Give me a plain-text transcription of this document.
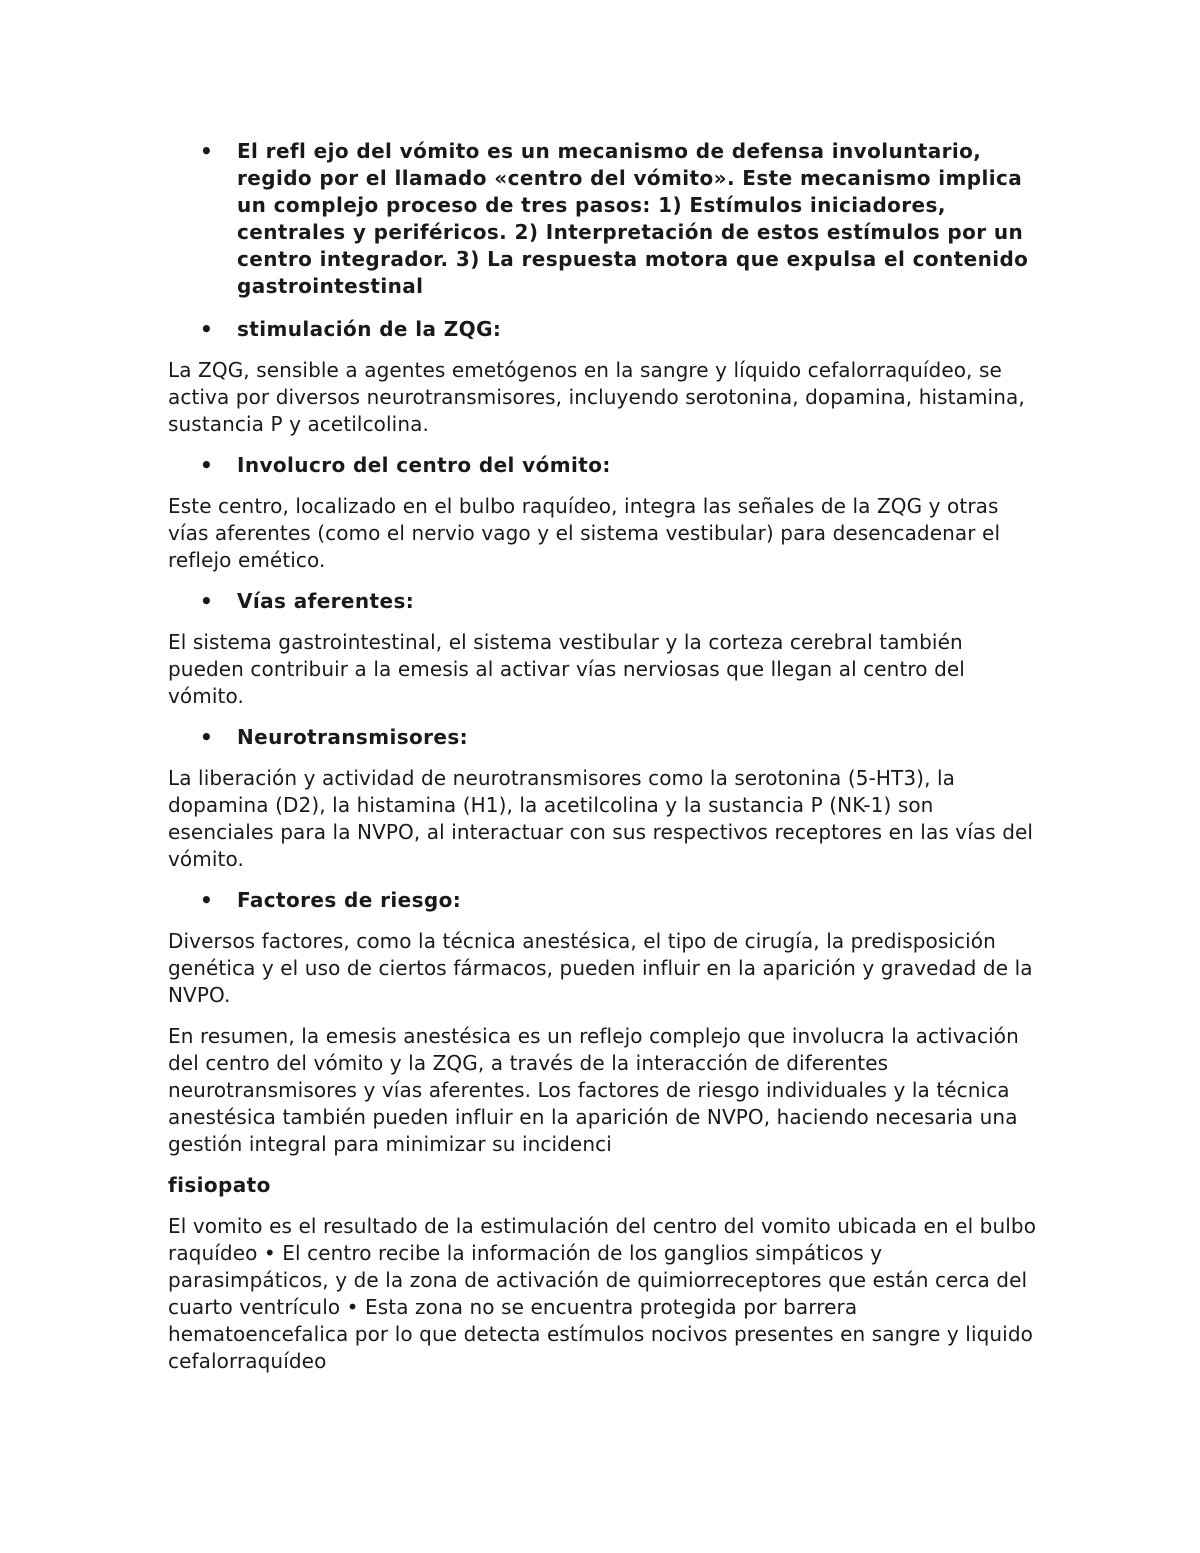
• El refl ejo del vómito es un mecanismo de defensa involuntario, regido por el llamado «centro del vómito». Este mecanismo implica un complejo proceso de tres pasos: 1) Estímulos iniciadores, centrales y periféricos. 2) Interpretación de estos estímulos por un centro integrador. 3) La respuesta motora que expulsa el contenido gastrointestinal
• stimulación de la ZQG:

La ZQG, sensible a agentes emetógenos en la sangre y líquido cefalorraquídeo, se activa por diversos neurotransmisores, incluyendo serotonina, dopamina, histamina, sustancia P y acetilcolina.

• Involucro del centro del vómito:

Este centro, localizado en el bulbo raquídeo, integra las señales de la ZQG y otras vías aferentes (como el nervio vago y el sistema vestibular) para desencadenar el reflejo emético.

• Vías aferentes:

El sistema gastrointestinal, el sistema vestibular y la corteza cerebral también pueden contribuir a la emesis al activar vías nerviosas que llegan al centro del vómito.

• Neurotransmisores:

La liberación y actividad de neurotransmisores como la serotonina (5-HT3), la dopamina (D2), la histamina (H1), la acetilcolina y la sustancia P (NK-1) son esenciales para la NVPO, al interactuar con sus respectivos receptores en las vías del vómito.

• Factores de riesgo:

Diversos factores, como la técnica anestésica, el tipo de cirugía, la predisposición genética y el uso de ciertos fármacos, pueden influir en la aparición y gravedad de la NVPO.

En resumen, la emesis anestésica es un reflejo complejo que involucra la activación del centro del vómito y la ZQG, a través de la interacción de diferentes neurotransmisores y vías aferentes. Los factores de riesgo individuales y la técnica anestésica también pueden influir en la aparición de NVPO, haciendo necesaria una gestión integral para minimizar su incidenci

fisiopato

El vomito es el resultado de la estimulación del centro del vomito ubicada en el bulbo raquídeo • El centro recibe la información de los ganglios simpáticos y parasimpáticos, y de la zona de activación de quimiorreceptores que están cerca del cuarto ventrículo • Esta zona no se encuentra protegida por barrera hematoencefalica por lo que detecta estímulos nocivos presentes en sangre y liquido cefalorraquídeo
